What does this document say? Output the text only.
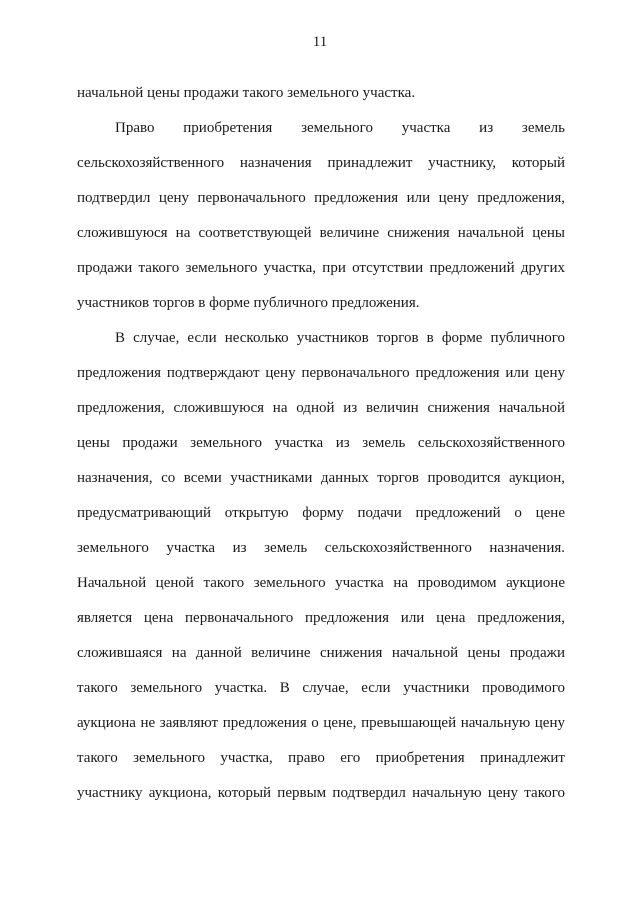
11
начальной цены продажи такого земельного участка.
Право приобретения земельного участка из земель
сельскохозяйственного назначения принадлежит участнику, который
подтвердил цену первоначального предложения или цену предложения,
сложившуюся на соответствующей величине снижения начальной цены
продажи такого земельного участка, при отсутствии предложений других
участников торгов в форме публичного предложения.
В случае, если несколько участников торгов в форме публичного
предложения подтверждают цену первоначального предложения или цену
предложения, сложившуюся на одной из величин снижения начальной
цены продажи земельного участка из земель сельскохозяйственного
назначения, со всеми участниками данных торгов проводится аукцион,
предусматривающий открытую форму подачи предложений о цене
земельного участка из земель сельскохозяйственного назначения.
Начальной ценой такого земельного участка на проводимом аукционе
является цена первоначального предложения или цена предложения,
сложившаяся на данной величине снижения начальной цены продажи
такого земельного участка. В случае, если участники проводимого
аукциона не заявляют предложения о цене, превышающей начальную цену
такого земельного участка, право его приобретения принадлежит
участнику аукциона, который первым подтвердил начальную цену такого
